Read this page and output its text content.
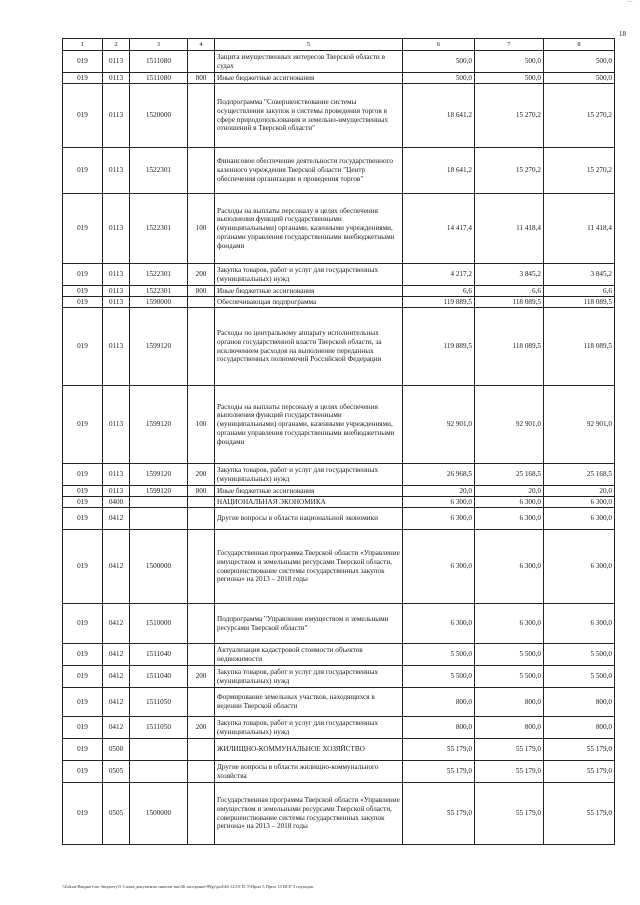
—
18
1	2	3	4	5	6	7	8
019	0113	1511080		Защита имущественных интересов Тверской области в судах	500,0	500,0	500,0
019	0113	1511080	800	Иные бюджетные ассигнования	500,0	500,0	500,0
019	0113	1520000		Подпрограмма "Совершенствование системы осуществления закупок и системы проведения торгов в сфере природопользования и земельно-имущественных отношений в Тверской области"	18 641,2	15 270,2	15 270,2
019	0113	1522301		Финансовое обеспечение деятельности государственного казенного учреждения Тверской области "Центр обеспечения организации и проведения торгов"	18 641,2	15 270,2	15 270,2
019	0113	1522301	100	Расходы на выплаты персоналу в целях обеспечения выполнения функций государственными (муниципальными) органами, казенными учреждениями, органами управления государственными внебюджетными фондами	14 417,4	11 418,4	11 418,4
019	0113	1522301	200	Закупка товаров, работ и услуг для государственных (муниципальных) нужд	4 217,2	3 845,2	3 845,2
019	0113	1522301	800	Иные бюджетные ассигнования	6,6	6,6	6,6
019	0113	1590000		Обеспечивающая подпрограмма	119 889,5	118 089,5	118 089,5
019	0113	1599120		Расходы по центральному аппарату исполнительных органов государственной власти Тверской области, за исключением расходов на выполнение переданных государственных полномочий Российской Федерации	119 889,5	118 089,5	118 089,5
019	0113	1599120	100	Расходы на выплаты персоналу в целях обеспечения выполнения функций государственными (муниципальными) органами, казенными учреждениями, органами управления государственными внебюджетными фондами	92 901,0	92 901,0	92 901,0
019	0113	1599120	200	Закупка товаров, работ и услуг для государственных (муниципальных) нужд	26 968,5	25 168,5	25 168,5
019	0113	1599120	800	Иные бюджетные ассигнования	20,0	20,0	20,0
019	0400			НАЦИОНАЛЬНАЯ ЭКОНОМИКА	6 300,0	6 300,0	6 300,0
019	0412			Другие вопросы в области национальной экономики	6 300,0	6 300,0	6 300,0
019	0412	1500000		Государственная программа Тверской области «Управление имуществом и земельными ресурсами Тверской области, совершенствование системы государственных закупок региона» на 2013 – 2018 годы	6 300,0	6 300,0	6 300,0
019	0412	1510000		Подпрограмма "Управление имуществом и земельными ресурсами Тверской области"	6 300,0	6 300,0	6 300,0
019	0412	1511040		Актуализация кадастровой стоимости объектов недвижимости	5 500,0	5 500,0	5 500,0
019	0412	1511040	200	Закупка товаров, работ и услуг для государственных (муниципальных) нужд	5 500,0	5 500,0	5 500,0
019	0412	1511050		Формирование земельных участков, находящихся в ведении Тверской области	800,0	800,0	800,0
019	0412	1511050	200	Закупка товаров, работ и услуг для государственных (муниципальных) нужд	800,0	800,0	800,0
019	0500			ЖИЛИЩНО-КОММУНАЛЬНОЕ ХОЗЯЙСТВО	55 179,0	55 179,0	55 179,0
019	0505			Другие вопросы в области жилищно-коммунального хозяйства	55 179,0	55 179,0	55 179,0
019	0505	1500000		Государственная программа Тверской области «Управление имуществом и земельными ресурсами Тверской области, совершенствование системы государственных закупок региона» на 2013 – 2018 годы	55 179,0	55 179,0	55 179,0
\\Zakon\Bюджет\пo бюджету\5 Сплав документы ивахтагтва\46 заседание\99gr\pril\46 12\19 П. 5\Прил 5 Прил 15 ВСР 3 годзадок
